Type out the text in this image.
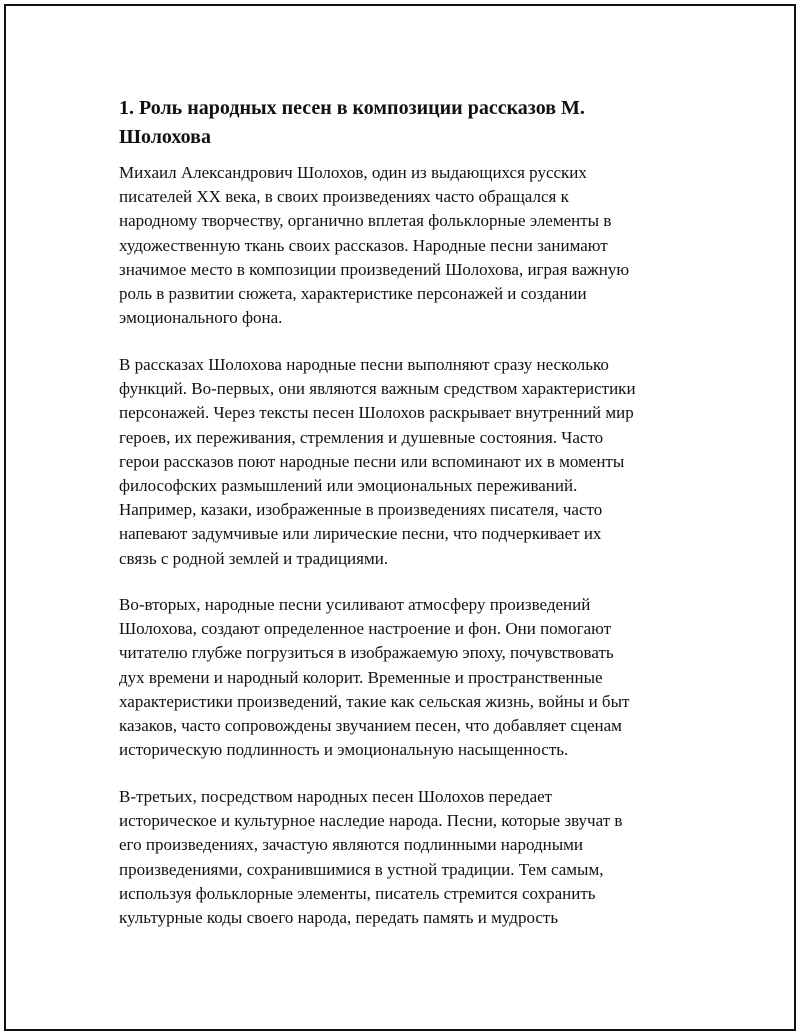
1. Роль народных песен в композиции рассказов М.
Шолохова

Михаил Александрович Шолохов, один из выдающихся русских
писателей XX века, в своих произведениях часто обращался к
народному творчеству, органично вплетая фольклорные элементы в
художественную ткань своих рассказов. Народные песни занимают
значимое место в композиции произведений Шолохова, играя важную
роль в развитии сюжета, характеристике персонажей и создании
эмоционального фона.

В рассказах Шолохова народные песни выполняют сразу несколько
функций. Во-первых, они являются важным средством характеристики
персонажей. Через тексты песен Шолохов раскрывает внутренний мир
героев, их переживания, стремления и душевные состояния. Часто
герои рассказов поют народные песни или вспоминают их в моменты
философских размышлений или эмоциональных переживаний.
Например, казаки, изображенные в произведениях писателя, часто
напевают задумчивые или лирические песни, что подчеркивает их
связь с родной землей и традициями.

Во-вторых, народные песни усиливают атмосферу произведений
Шолохова, создают определенное настроение и фон. Они помогают
читателю глубже погрузиться в изображаемую эпоху, почувствовать
дух времени и народный колорит. Временные и пространственные
характеристики произведений, такие как сельская жизнь, войны и быт
казаков, часто сопровождены звучанием песен, что добавляет сценам
историческую подлинность и эмоциональную насыщенность.

В-третьих, посредством народных песен Шолохов передает
историческое и культурное наследие народа. Песни, которые звучат в
его произведениях, зачастую являются подлинными народными
произведениями, сохранившимися в устной традиции. Тем самым,
используя фольклорные элементы, писатель стремится сохранить
культурные коды своего народа, передать память и мудрость
